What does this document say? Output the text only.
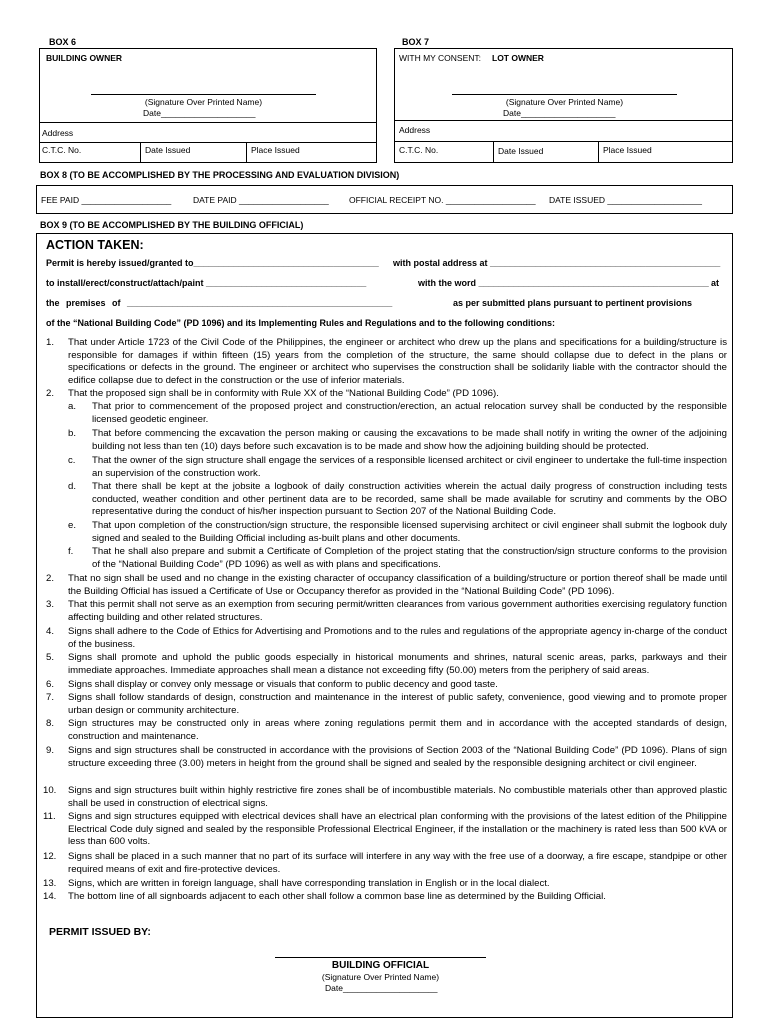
BOX 6	BOX 7
BUILDING OWNER
(Signature Over Printed Name)
Date____________________
Address
C.T.C. No.	Date Issued	Place Issued
WITH MY CONSENT: LOT OWNER
(Signature Over Printed Name)
Date____________________
Address
C.T.C. No.	Date Issued	Place Issued
BOX 8 (TO BE ACCOMPLISHED BY THE PROCESSING AND EVALUATION DIVISION)
FEE PAID ___________________	DATE PAID ___________________ OFFICIAL RECEIPT NO. ___________________ DATE ISSUED ____________________
BOX 9 (TO BE ACCOMPLISHED BY THE BUILDING OFFICIAL)
ACTION TAKEN:
Permit is hereby issued/granted to_____________________________________ with postal address at ______________________________________________
to install/erect/construct/attach/paint ________________________________	with the word ______________________________________________ at
the premises of _____________________________________________________	as per submitted plans pursuant to pertinent provisions
of the “National Building Code” (PD 1096) and its Implementing Rules and Regulations and to the following conditions:
1. That under Article 1723 of the Civil Code of the Philippines, the engineer or architect who drew up the plans and specifications for a building/structure is responsible for damages if within fifteen (15) years from the completion of the structure, the same should collapse due to defect in the plans or specifications or defects in the ground. The engineer or architect who supervises the construction shall be solidarily liable with the contractor should the edifice collapse due to defect in the construction or the use of inferior materials.
2. That the proposed sign shall be in conformity with Rule XX of the “National Building Code” (PD 1096).
a. That prior to commencement of the proposed project and construction/erection, an actual relocation survey shall be conducted by the responsible licensed geodetic engineer.
b. That before commencing the excavation the person making or causing the excavations to be made shall notify in writing the owner of the adjoining building not less than ten (10) days before such excavation is to be made and show how the adjoining building should be protected.
c. That the owner of the sign structure shall engage the services of a responsible licensed architect or civil engineer to undertake the full-time inspection an supervision of the construction work.
d. That there shall be kept at the jobsite a logbook of daily construction activities wherein the actual daily progress of construction including tests conducted, weather condition and other pertinent data are to be recorded, same shall be made available for scrutiny and comments by the OBO representative during the conduct of his/her inspection pursuant to Section 207 of the National Building Code.
e. That upon completion of the construction/sign structure, the responsible licensed supervising architect or civil engineer shall submit the logbook duly signed and sealed to the Building Official including as-built plans and other documents.
f. That he shall also prepare and submit a Certificate of Completion of the project stating that the construction/sign structure conforms to the provision of the “National Building Code” (PD 1096) as well as with plans and specifications.
2. That no sign shall be used and no change in the existing character of occupancy classification of a building/structure or portion thereof shall be made until the Building Official has issued a Certificate of Use or Occupancy therefor as provided in the “National Building Code” (PD 1096).
3. That this permit shall not serve as an exemption from securing permit/written clearances from various government authorities exercising regulatory function affecting building and other related structures.
4. Signs shall adhere to the Code of Ethics for Advertising and Promotions and to the rules and regulations of the appropriate agency in-charge of the conduct of the business.
5. Signs shall promote and uphold the public goods especially in historical monuments and shrines, natural scenic areas, parks, parkways and their immediate approaches. Immediate approaches shall mean a distance not exceeding fifty (50.00) meters from the periphery of said areas.
6. Signs shall display or convey only message or visuals that conform to public decency and good taste.
7. Signs shall follow standards of design, construction and maintenance in the interest of public safety, convenience, good viewing and to promote proper urban design or community architecture.
8. Sign structures may be constructed only in areas where zoning regulations permit them and in accordance with the accepted standards of design, construction and maintenance.
9. Signs and sign structures shall be constructed in accordance with the provisions of Section 2003 of the “National Building Code” (PD 1096). Plans of sign structure exceeding three (3.00) meters in height from the ground shall be signed and sealed by the responsible designing architect or civil engineer.
10. Signs and sign structures built within highly restrictive fire zones shall be of incombustible materials. No combustible materials other than approved plastic shall be used in construction of electrical signs.
11. Signs and sign structures equipped with electrical devices shall have an electrical plan conforming with the provisions of the latest edition of the Philippine Electrical Code duly signed and sealed by the responsible Professional Electrical Engineer, if the installation or the machinery is rated less than 500 kVA or less than 600 volts.
12. Signs shall be placed in a such manner that no part of its surface will interfere in any way with the free use of a doorway, a fire escape, standpipe or other required means of exit and fire-protective devices.
13. Signs, which are written in foreign language, shall have corresponding translation in English or in the local dialect.
14. The bottom line of all signboards adjacent to each other shall follow a common base line as determined by the Building Official.
PERMIT ISSUED BY:
BUILDING OFFICIAL
(Signature Over Printed Name)
Date____________________
